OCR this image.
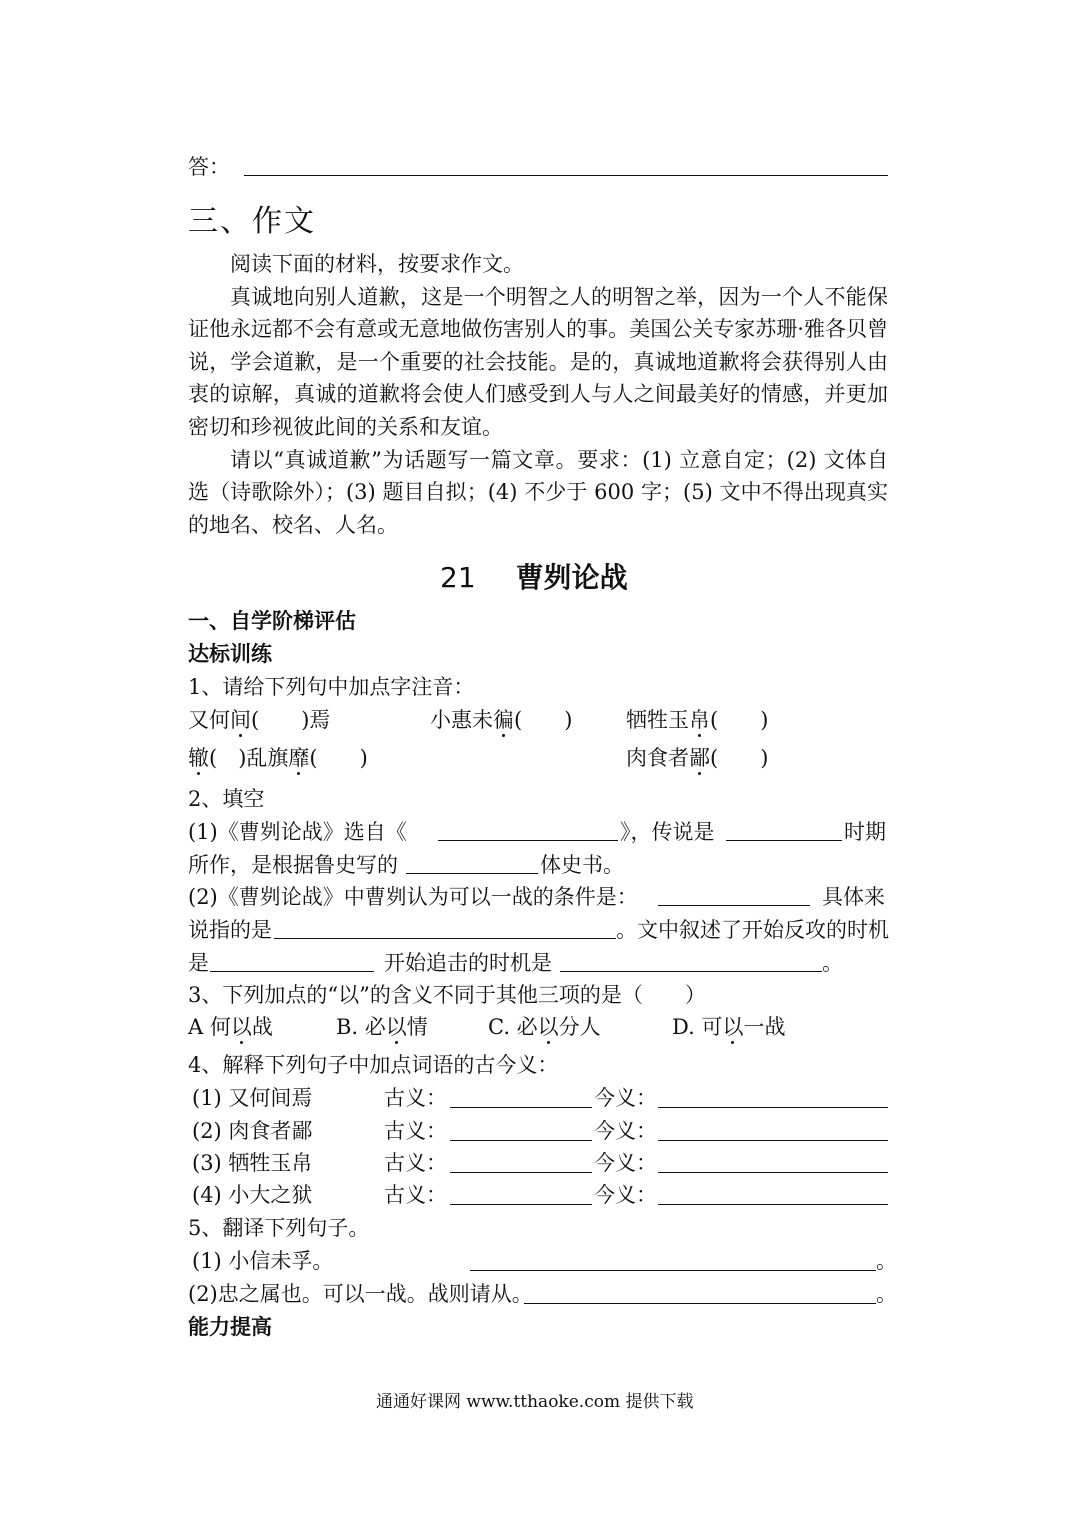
答：
三、作文

阅读下面的材料，按要求作文。

真诚地向别人道歉，这是一个明智之人的明智之举，因为一个人不能保证他永远都不会有意或无意地做伤害别人的事。美国公关专家苏珊·雅各贝曾说，学会道歉，是一个重要的社会技能。是的，真诚地道歉将会获得别人由衷的谅解，真诚的道歉将会使人们感受到人与人之间最美好的情感，并更加密切和珍视彼此间的关系和友谊。

请以“真诚道歉”为话题写一篇文章。要求：(1) 立意自定；(2) 文体自选（诗歌除外）；(3) 题目自拟；(4) 不少于 600 字；(5) 文中不得出现真实的地名、校名、人名。

21 曹刿论战
一、自学阶梯评估
达标训练
1、请给下列句中加点字注音：
又何间(　　)焉	小惠未徧(　　)	牺牲玉帛(　　)
辙(　)乱旗靡(　　)	肉食者鄙(　　)
2、填空
(1)《曹刿论战》选自《	》，传说是	时期
所作，是根据鲁史写的	体史书。
(2)《曹刿论战》中曹刿认为可以一战的条件是：	具体来
说指的是	。文中叙述了开始反攻的时机
是	开始追击的时机是	。
3、下列加点的“以”的含义不同于其他三项的是（　　）
A 何以战	B. 必以情	C. 必以分人	D. 可以一战
4、解释下列句子中加点词语的古今义：
(1) 又何间焉	古义：	今义：
(2) 肉食者鄙	古义：	今义：
(3) 牺牲玉帛	古义：	今义：
(4) 小大之狱	古义：	今义：
5、翻译下列句子。
(1) 小信未孚。	。
(2)忠之属也。可以一战。战则请从。	。
能力提高
通通好课网 www.tthaoke.com 提供下载
